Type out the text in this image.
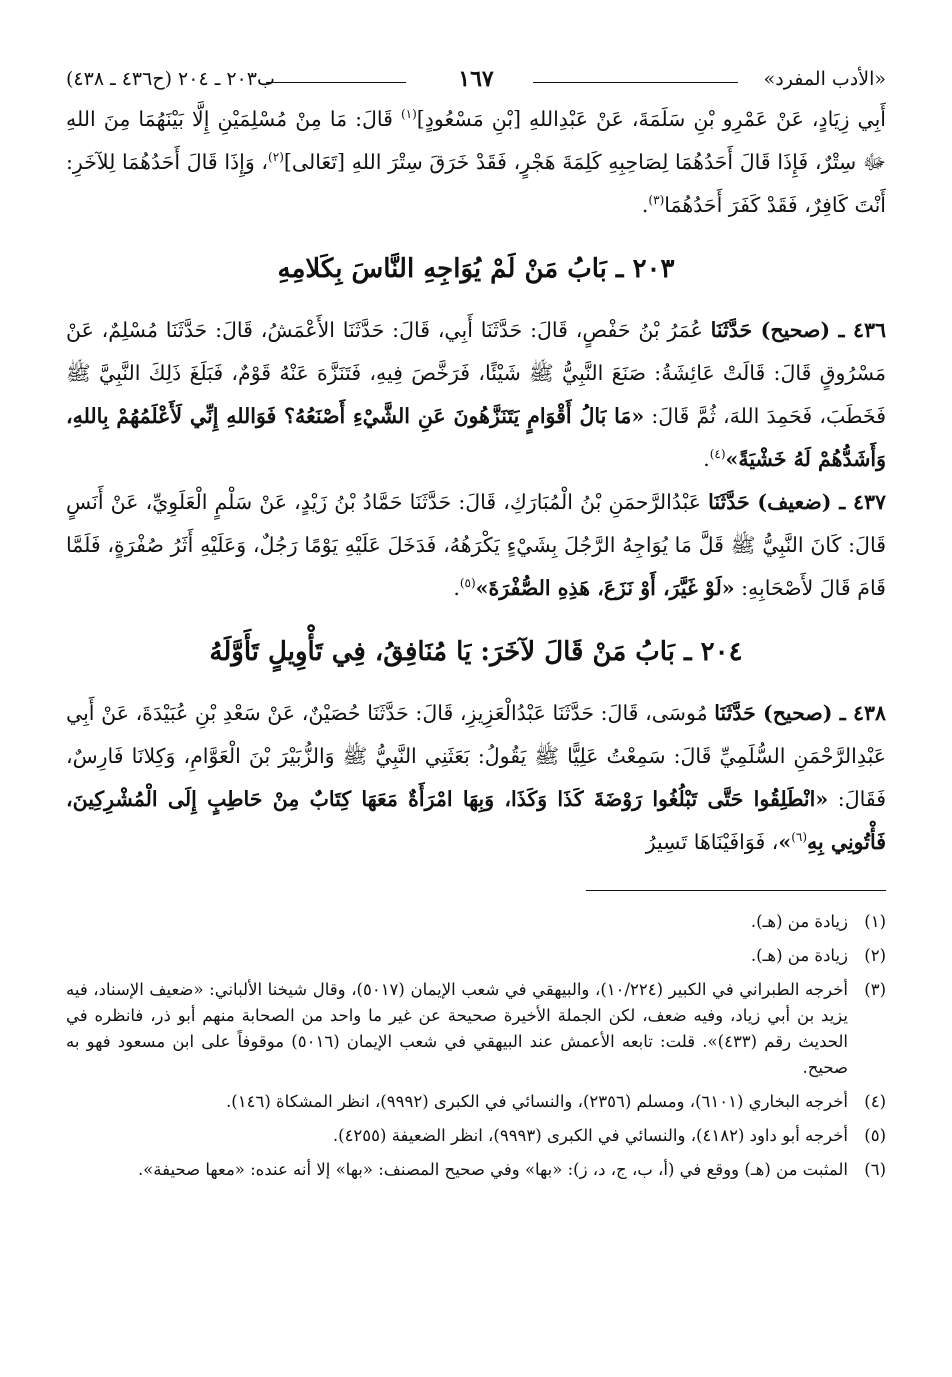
«الأدب المفرد»
١٦٧
ب٢٠٣ ـ ٢٠٤ (ح٤٣٦ ـ ٤٣٨)

أَبِي زِيَادٍ، عَنْ عَمْرِو بْنِ سَلَمَةَ، عَنْ عَبْدِاللهِ [بْنِ مَسْعُودٍ]$^{(١)}$ قَالَ: مَا مِنْ مُسْلِمَيْنِ إِلَّا بَيْنَهُمَا مِنَ اللهِ ﷻ سِتْرٌ، فَإِذَا قَالَ أَحَدُهُمَا لِصَاحِبِهِ كَلِمَةَ هَجْرٍ، فَقَدْ خَرَقَ سِتْرَ اللهِ [تَعَالى]$^{(٢)}$، وَإِذَا قَالَ أَحَدُهُمَا لِلآخَرِ: أَنْتَ كَافِرٌ، فَقَدْ كَفَرَ أَحَدُهُمَا$^{(٣)}$.

٢٠٣ ـ بَابُ مَنْ لَمْ يُوَاجِهِ النَّاسَ بِكَلامِهِ

٤٣٦ ـ (صحيح) حَدَّثَنَا عُمَرُ بْنُ حَفْصٍ، قَالَ: حَدَّثَنَا أَبِي، قَالَ: حَدَّثَنَا الأَعْمَشُ، قَالَ: حَدَّثَنَا مُسْلِمٌ، عَنْ مَسْرُوقٍ قَالَ: قَالَتْ عَائِشَةُ: صَنَعَ النَّبِيُّ ﷺ شَيْئًا، فَرَخَّصَ فِيهِ، فَتَنَزَّهَ عَنْهُ قَوْمٌ، فَبَلَغَ ذَلِكَ النَّبِيَّ ﷺ فَخَطَبَ، فَحَمِدَ اللهَ، ثُمَّ قَالَ: «مَا بَالُ أَقْوَامٍ يَتَنَزَّهُونَ عَنِ الشَّيْءِ أَصْنَعُهُ؟ فَوَاللهِ إِنِّي لَأَعْلَمُهُمْ بِاللهِ، وَأَشَدُّهُمْ لَهُ خَشْيَةً»$^{(٤)}$.

٤٣٧ ـ (ضعيف) حَدَّثَنَا عَبْدُالرَّحمَنِ بْنُ الْمُبَارَكِ، قَالَ: حَدَّثَنَا حَمَّادُ بْنُ زَيْدٍ، عَنْ سَلْمٍ الْعَلَوِيِّ، عَنْ أَنَسٍ قَالَ: كَانَ النَّبِيُّ ﷺ قَلَّ مَا يُوَاجِهُ الرَّجُلَ بِشَيْءٍ يَكْرَهُهُ، فَدَخَلَ عَلَيْهِ يَوْمًا رَجُلٌ، وَعَلَيْهِ أَثَرُ صُفْرَةٍ، فَلَمَّا قَامَ قَالَ لأَصْحَابِهِ: «لَوْ غَيَّرَ، أَوْ نَزَعَ، هَذِهِ الصُّفْرَةَ»$^{(٥)}$.

٢٠٤ ـ بَابُ مَنْ قَالَ لآخَرَ: يَا مُنَافِقُ، فِي تَأْوِيلٍ تَأَوَّلَهُ

٤٣٨ ـ (صحيح) حَدَّثَنَا مُوسَى، قَالَ: حَدَّثَنَا عَبْدُالْعَزِيزِ، قَالَ: حَدَّثَنَا حُصَيْنٌ، عَنْ سَعْدِ بْنِ عُبَيْدَةَ، عَنْ أَبِي عَبْدِالرَّحْمَنِ السُّلَمِيِّ قَالَ: سَمِعْتُ عَلِيًّا ﷺ يَقُولُ: بَعَثَنِي النَّبِيُّ ﷺ وَالزُّبَيْرَ بْنَ الْعَوَّامِ، وَكِلانَا فَارِسٌ، فَقَالَ: «انْطَلِقُوا حَتَّى تَبْلُغُوا رَوْضَةَ كَذَا وَكَذَا، وَبِهَا امْرَأَةٌ مَعَهَا كِتَابٌ مِنْ حَاطِبٍ إِلَى الْمُشْرِكِينَ، فَأْتُونِي بِهِ$^{(٦)}$»، فَوَافَيْنَاهَا تَسِيرُ

(١)
زيادة من (هـ).
(٢)
زيادة من (هـ).
(٣)
أخرجه الطبراني في الكبير (١٠/٢٢٤)، والبيهقي في شعب الإيمان (٥٠١٧)، وقال شيخنا الألباني: «ضعيف الإسناد، فيه يزيد بن أبي زياد، وفيه ضعف، لكن الجملة الأخيرة صحيحة عن غير ما واحد من الصحابة منهم أبو ذر، فانظره في الحديث رقم (٤٣٣)». قلت: تابعه الأعمش عند البيهقي في شعب الإيمان (٥٠١٦) موقوفاً على ابن مسعود فهو به صحيح.
(٤)
أخرجه البخاري (٦١٠١)، ومسلم (٢٣٥٦)، والنسائي في الكبرى (٩٩٩٢)، انظر المشكاة (١٤٦).
(٥)
أخرجه أبو داود (٤١٨٢)، والنسائي في الكبرى (٩٩٩٣)، انظر الضعيفة (٤٢٥٥).
(٦)
المثبت من (هـ) ووقع في (أ، ب، ج، د، ز): «بها» وفي صحيح المصنف: «بها» إلا أنه عنده: «معها صحيفة».
